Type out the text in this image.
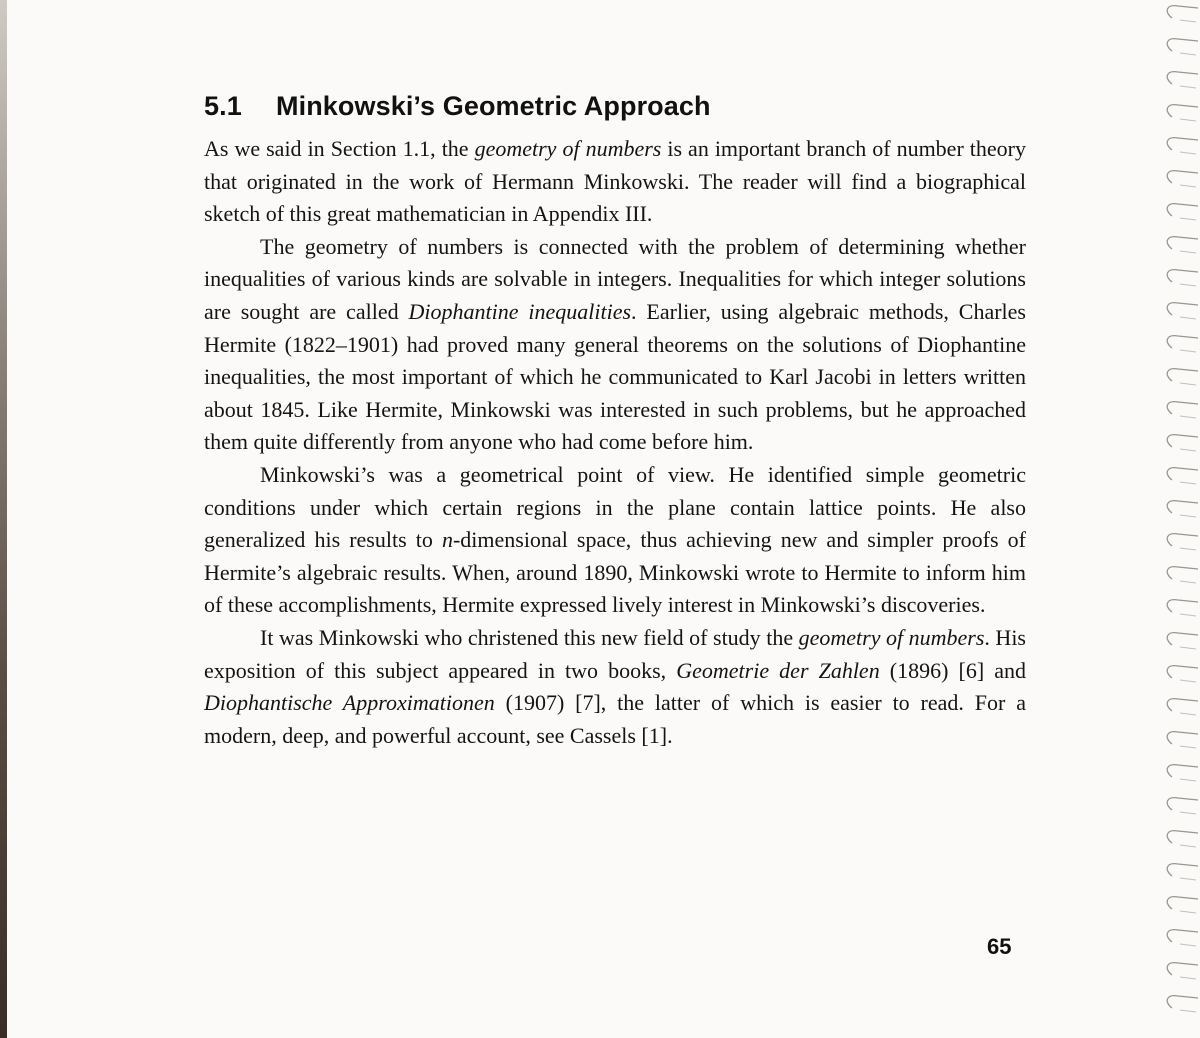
5.1 Minkowski’s Geometric Approach

As we said in Section 1.1, the geometry of numbers is an important branch of number theory that originated in the work of Hermann Minkowski. The reader will find a biographical sketch of this great mathematician in Appendix III.

The geometry of numbers is connected with the problem of determining whether inequalities of various kinds are solvable in integers. Inequalities for which integer solutions are sought are called Diophantine inequalities. Earlier, using algebraic methods, Charles Hermite (1822–1901) had proved many general theorems on the solutions of Diophantine inequalities, the most important of which he communicated to Karl Jacobi in letters written about 1845. Like Hermite, Minkowski was interested in such problems, but he approached them quite differently from anyone who had come before him.

Minkowski’s was a geometrical point of view. He identified simple geometric conditions under which certain regions in the plane contain lattice points. He also generalized his results to n-dimensional space, thus achieving new and simpler proofs of Hermite’s algebraic results. When, around 1890, Minkowski wrote to Hermite to inform him of these accomplishments, Hermite expressed lively interest in Minkowski’s discoveries.

It was Minkowski who christened this new field of study the geometry of numbers. His exposition of this subject appeared in two books, Geometrie der Zahlen (1896) [6] and Diophantische Approximationen (1907) [7], the latter of which is easier to read. For a modern, deep, and powerful account, see Cassels [1].

65
